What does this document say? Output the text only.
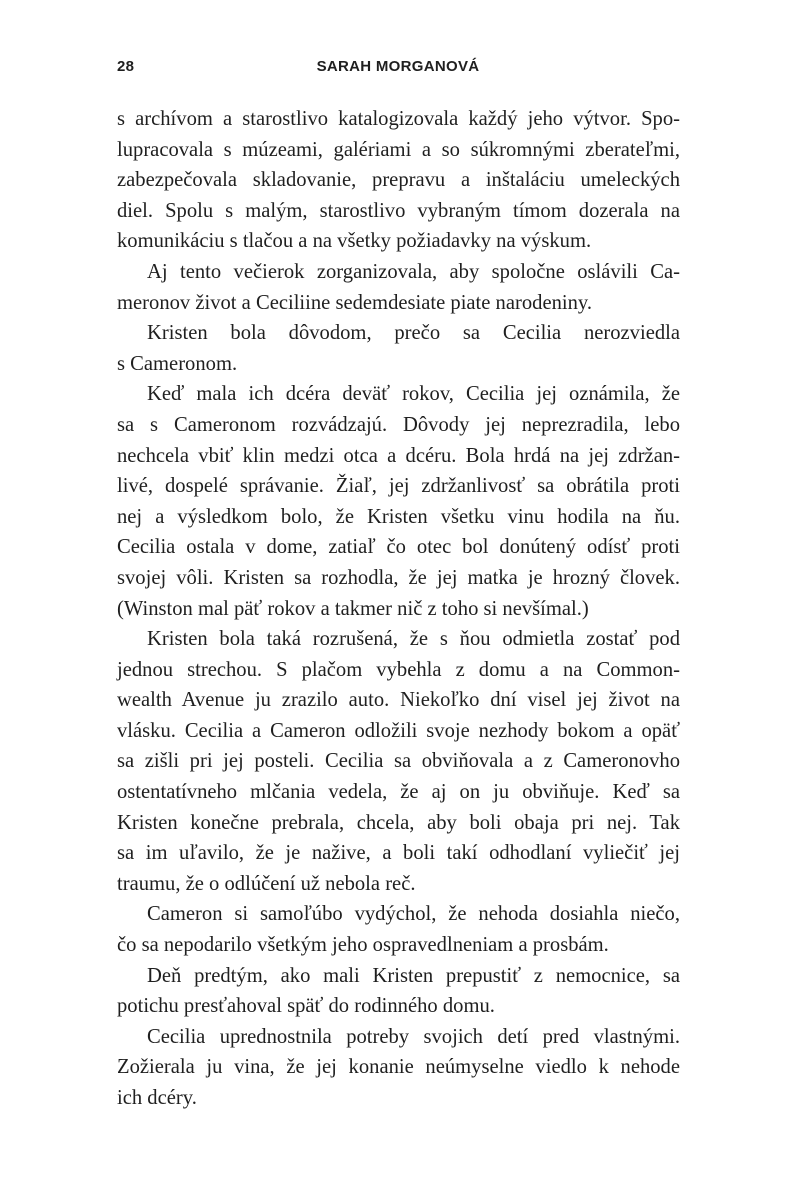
28	SARAH MORGANOVÁ
s archívom a starostlivo katalogizovala každý jeho výtvor. Spo-
lupracovala s múzeami, galériami a so súkromnými zberateľmi,
zabezpečovala skladovanie, prepravu a inštaláciu umeleckých
diel. Spolu s malým, starostlivo vybraným tímom dozerala na
komunikáciu s tlačou a na všetky požiadavky na výskum.
Aj tento večierok zorganizovala, aby spoločne oslávili Ca-
meronov život a Ceciliine sedemdesiate piate narodeniny.
Kristen bola dôvodom, prečo sa Cecilia nerozviedla
s Cameronom.
Keď mala ich dcéra deväť rokov, Cecilia jej oznámila, že
sa s Cameronom rozvádzajú. Dôvody jej neprezradila, lebo
nechcela vbiť klin medzi otca a dcéru. Bola hrdá na jej zdržan-
livé, dospelé správanie. Žiaľ, jej zdržanlivosť sa obrátila proti
nej a výsledkom bolo, že Kristen všetku vinu hodila na ňu.
Cecilia ostala v dome, zatiaľ čo otec bol donútený odísť proti
svojej vôli. Kristen sa rozhodla, že jej matka je hrozný človek.
(Winston mal päť rokov a takmer nič z toho si nevšímal.)
Kristen bola taká rozrušená, že s ňou odmietla zostať pod
jednou strechou. S plačom vybehla z domu a na Common-
wealth Avenue ju zrazilo auto. Niekoľko dní visel jej život na
vlásku. Cecilia a Cameron odložili svoje nezhody bokom a opäť
sa zišli pri jej posteli. Cecilia sa obviňovala a z Cameronovho
ostentatívneho mlčania vedela, že aj on ju obviňuje. Keď sa
Kristen konečne prebrala, chcela, aby boli obaja pri nej. Tak
sa im uľavilo, že je nažive, a boli takí odhodlaní vyliečiť jej
traumu, že o odlúčení už nebola reč.
Cameron si samoľúbo vydýchol, že nehoda dosiahla niečo,
čo sa nepodarilo všetkým jeho ospravedlneniam a prosbám.
Deň predtým, ako mali Kristen prepustiť z nemocnice, sa
potichu presťahoval späť do rodinného domu.
Cecilia uprednostnila potreby svojich detí pred vlastnými.
Zožierala ju vina, že jej konanie neúmyselne viedlo k nehode
ich dcéry.
